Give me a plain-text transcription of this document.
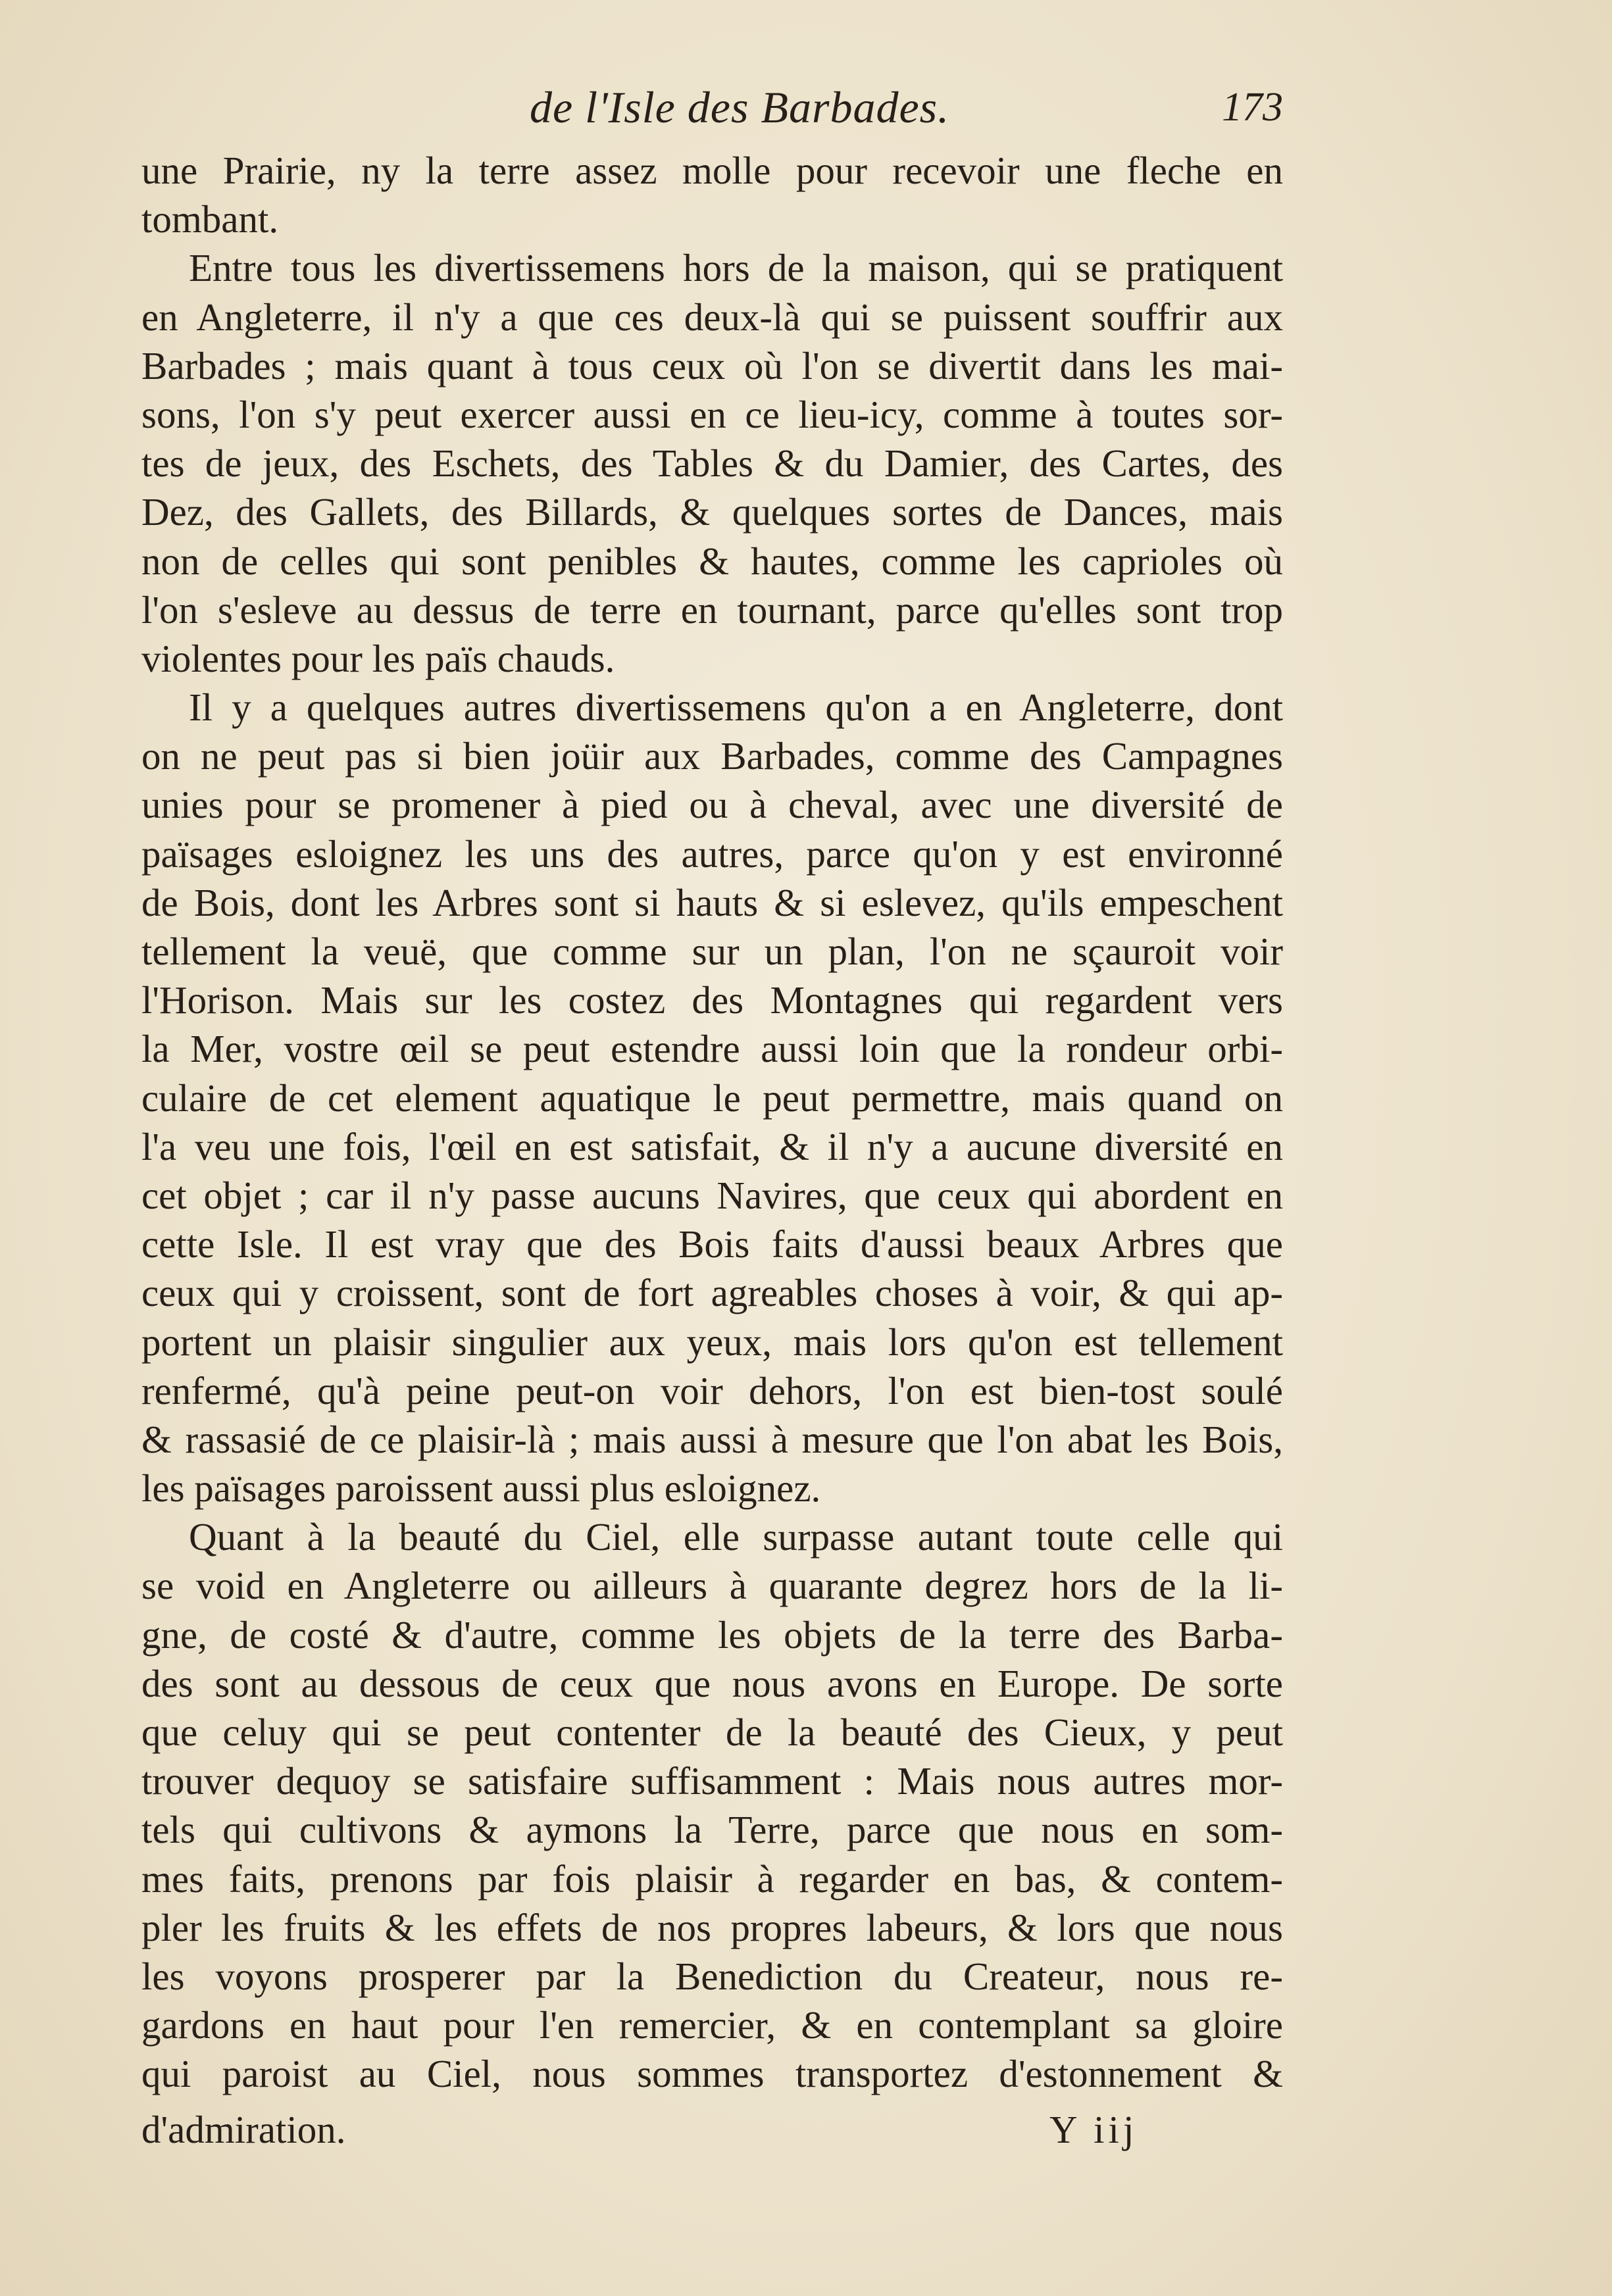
de l'Isle des Barbades.	173
une Prairie, ny la terre assez molle pour recevoir une fleche en
tombant.
Entre tous les divertissemens hors de la maison, qui se pratiquent
en Angleterre, il n'y a que ces deux-là qui se puissent souffrir aux
Barbades ; mais quant à tous ceux où l'on se divertit dans les mai-
sons, l'on s'y peut exercer aussi en ce lieu-icy, comme à toutes sor-
tes de jeux, des Eschets, des Tables & du Damier, des Cartes, des
Dez, des Gallets, des Billards, & quelques sortes de Dances, mais
non de celles qui sont penibles & hautes, comme les caprioles où
l'on s'esleve au dessus de terre en tournant, parce qu'elles sont trop
violentes pour les païs chauds.
Il y a quelques autres divertissemens qu'on a en Angleterre, dont
on ne peut pas si bien joüir aux Barbades, comme des Campagnes
unies pour se promener à pied ou à cheval, avec une diversité de
païsages esloignez les uns des autres, parce qu'on y est environné
de Bois, dont les Arbres sont si hauts & si eslevez, qu'ils empeschent
tellement la veuë, que comme sur un plan, l'on ne sçauroit voir
l'Horison. Mais sur les costez des Montagnes qui regardent vers
la Mer, vostre œil se peut estendre aussi loin que la rondeur orbi-
culaire de cet element aquatique le peut permettre, mais quand on
l'a veu une fois, l'œil en est satisfait, & il n'y a aucune diversité en
cet objet ; car il n'y passe aucuns Navires, que ceux qui abordent en
cette Isle. Il est vray que des Bois faits d'aussi beaux Arbres que
ceux qui y croissent, sont de fort agreables choses à voir, & qui ap-
portent un plaisir singulier aux yeux, mais lors qu'on est tellement
renfermé, qu'à peine peut-on voir dehors, l'on est bien-tost soulé
& rassasié de ce plaisir-là ; mais aussi à mesure que l'on abat les Bois,
les païsages paroissent aussi plus esloignez.
Quant à la beauté du Ciel, elle surpasse autant toute celle qui
se void en Angleterre ou ailleurs à quarante degrez hors de la li-
gne, de costé & d'autre, comme les objets de la terre des Barba-
des sont au dessous de ceux que nous avons en Europe. De sorte
que celuy qui se peut contenter de la beauté des Cieux, y peut
trouver dequoy se satisfaire suffisamment : Mais nous autres mor-
tels qui cultivons & aymons la Terre, parce que nous en som-
mes faits, prenons par fois plaisir à regarder en bas, & contem-
pler les fruits & les effets de nos propres labeurs, & lors que nous
les voyons prosperer par la Benediction du Createur, nous re-
gardons en haut pour l'en remercier, & en contemplant sa gloire
qui paroist au Ciel, nous sommes transportez d'estonnement &
d'admiration.	Y iij
